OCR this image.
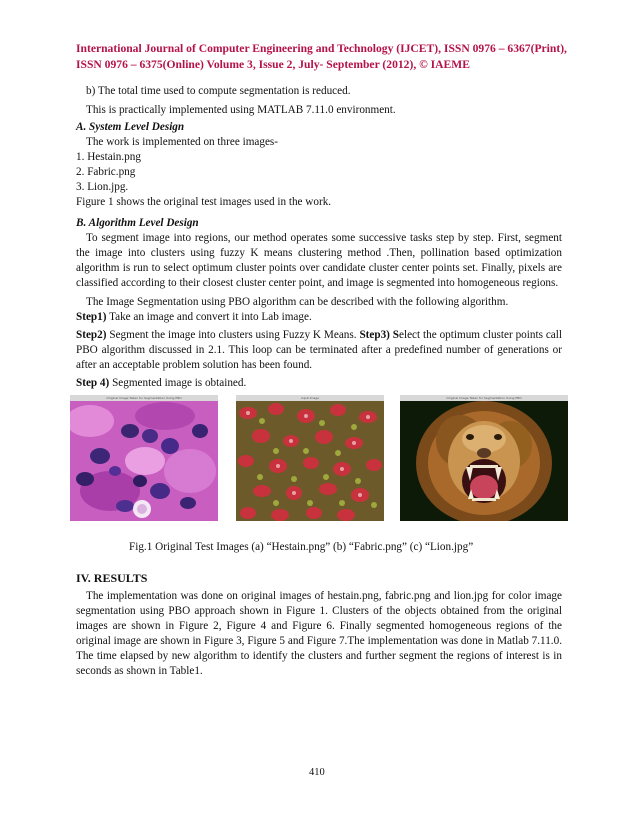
International Journal of Computer Engineering and Technology (IJCET), ISSN 0976 – 6367(Print),
ISSN 0976 – 6375(Online) Volume 3, Issue 2, July- September (2012), © IAEME
b) The total time used to compute segmentation is reduced.
This is practically implemented using MATLAB 7.11.0 environment.
A. System Level Design
The work is implemented on three images-
1. Hestain.png
2. Fabric.png
3. Lion.jpg.
Figure 1 shows the original test images used in the work.
B. Algorithm Level Design
To segment image into regions, our method operates some successive tasks step by step. First, segment the image into clusters using fuzzy K means clustering method .Then, pollination based optimization algorithm is run to select optimum cluster points over candidate cluster center points set. Finally, pixels are classified according to their closest cluster center point, and image is segmented into homogeneous regions.
The Image Segmentation using PBO algorithm can be described with the following algorithm.
Step1) Take an image and convert it into Lab image.
Step2) Segment the image into clusters using Fuzzy K Means. Step3) Select the optimum cluster points call PBO algorithm discussed in 2.1. This loop can be terminated after a predefined number of generations or after an acceptable problem solution has been found.
Step 4) Segmented image is obtained.
Original Image Taken for Segmentation Using PBO	Input Image	Original Image Taken for Segmentation Using PBO
Fig.1 Original Test Images (a) “Hestain.png” (b) “Fabric.png” (c) “Lion.jpg”
IV. RESULTS
The implementation was done on original images of hestain.png, fabric.png and lion.jpg for color image segmentation using PBO approach shown in Figure 1. Clusters of the objects obtained from the original images are shown in Figure 2, Figure 4 and Figure 6. Finally segmented homogeneous regions of the original image are shown in Figure 3, Figure 5 and Figure 7.The implementation was done in Matlab 7.11.0. The time elapsed by new algorithm to identify the clusters and further segment the regions of interest is in seconds as shown in Table1.
410
